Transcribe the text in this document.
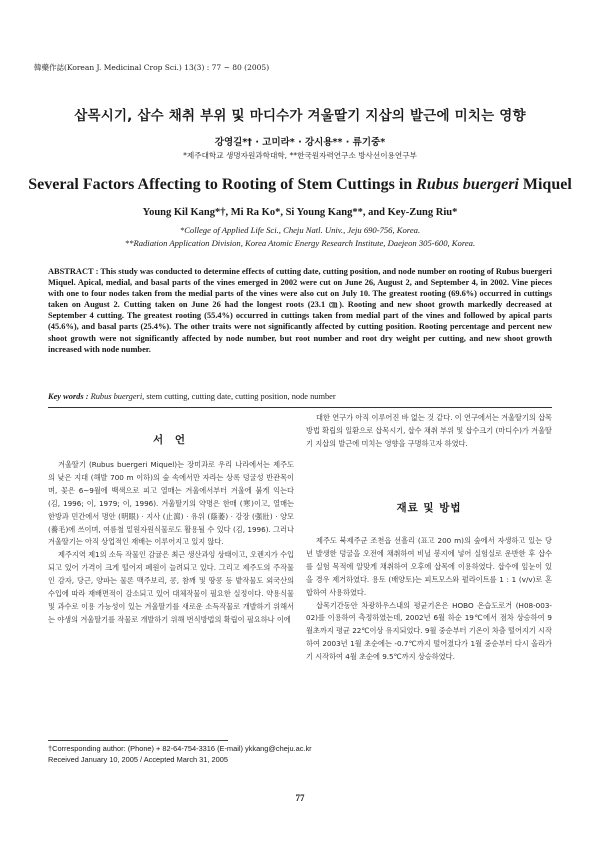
韓藥作誌(Korean J. Medicinal Crop Sci.) 13(3) : 77 ~ 80 (2005)
삽목시기, 삽수 채취 부위 및 마디수가 겨울딸기 지삽의 발근에 미치는 영향
강영길*† · 고미라* · 강시용** · 류기중*
*제주대학교 생명자원과학대학, **한국원자력연구소 방사선이용연구부
Several Factors Affecting to Rooting of Stem Cuttings in Rubus buergeri Miquel
Young Kil Kang*†, Mi Ra Ko*, Si Young Kang**, and Key-Zung Riu*
*College of Applied Life Sci., Cheju Natl. Univ., Jeju 690-756, Korea.
**Radiation Application Division, Korea Atomic Energy Research Institute, Daejeon 305-600, Korea.
ABSTRACT : This study was conducted to determine effects of cutting date, cutting position, and node number on rooting of Rubus buergeri Miquel. Apical, medial, and basal parts of the vines emerged in 2002 were cut on June 26, August 2, and September 4, in 2002. Vine pieces with one to four nodes taken from the medial parts of the vines were also cut on July 10. The greatest rooting (69.6%) occurred in cuttings taken on August 2. Cutting taken on June 26 had the longest roots (23.1 ㎝). Rooting and new shoot growth markedly decreased at September 4 cutting. The greatest rooting (55.4%) occurred in cuttings taken from medial part of the vines and followed by apical parts (45.6%), and basal parts (25.4%). The other traits were not significantly affected by cutting position. Rooting percentage and percent new shoot growth were not significantly affected by node number, but root number and root dry weight per cutting, and new shoot growth increased with node number.
Key words : Rubus buergeri, stem cutting, cutting date, cutting position, node number
서 언

겨울딸기 (Rubus buergeri Miquel)는 장미과로 우리 나라에서는 제주도의 낮은 지대 (해발 700 m 이하)의 숲 속에서만 자라는 상록 덩굴성 반관목이며, 꽃은 6~9월에 백색으로 피고 열매는 겨울에서부터 겨울에 붉게 익는다 (김, 1996; 이, 1979; 이, 1996). 겨울딸기의 약명은 한매 (寒)이고, 열매는 한방과 민간에서 명안 (明眼) · 지사 (止瀉) · 유위 (蔭萎) · 강장 (强壯) · 양모 (養毛)에 쓰이며, 여름철 밑원자원식물로도 활용될 수 있다 (김, 1996). 그러나 겨울딸기는 아직 상업적인 재배는 이루어지고 있지 않다.

제주지역 제1의 소득 작물인 감귤은 최근 생산과잉 상태이고, 오렌지가 수입되고 있어 가격이 크게 떨어져 폐원이 늘려되고 있다. 그리고 제주도의 주작물인 감자, 당근, 양파는 물론 맥주보리, 콩, 참깨 및 땅콩 등 밭작물도 외국산의 수입에 따라 재배면적이 감소되고 있어 대체작물이 필요한 실정이다. 약용식물 및 과수로 이용 가능성이 있는 겨울딸기를 새로운 소득작물로 개발하기 위해서는 야생의 겨울딸기를 작물로 개발하기 위해 번식방법의 확립이 필요하나 이에

대한 연구가 아직 이루어진 바 없는 것 같다. 이 연구에서는 겨울딸기의 삽목방법 확립의 일환으로 삽목시기, 삽수 채취 부위 및 삽수크기 (마디수)가 겨울딸기 지삽의 발근에 미치는 영향을 구명하고자 하였다.

재료 및 방법

제주도 북제주군 조천읍 선흘리 (표고 200 m)의 숲에서 자생하고 있는 당년 발생한 덩굴을 오전에 채취하여 비닐 봉지에 넣어 실험실로 운반한 후 삽수를 실험 목적에 알맞게 채취하여 오후에 삽목에 이용하였다. 삽수에 잎눈이 있을 경우 제거하였다. 용토 (배양토)는 피트모스와 펄라이트를 1 : 1 (v/v)로 혼합하여 사용하였다.

삽목기간동안 차광하우스내의 평균기온은 HOBO 온습도로거 (H08-003-02)를 이용하여 측정하였는데, 2002년 6월 하순 19℃에서 점차 상승하여 9월초까지 평균 22℃이상 유지되었다. 9월 중순부터 기온이 차츰 떨어지기 시작하여 2003년 1월 초순에는 -0.7℃까지 떨어졌다가 1월 중순부터 다시 올라가기 시작하여 4월 초순에 9.5℃까지 상승하였다.

†Corresponding author: (Phone) + 82-64-754-3316 (E-mail) ykkang@cheju.ac.kr
Received January 10, 2005 / Accepted March 31, 2005
77
